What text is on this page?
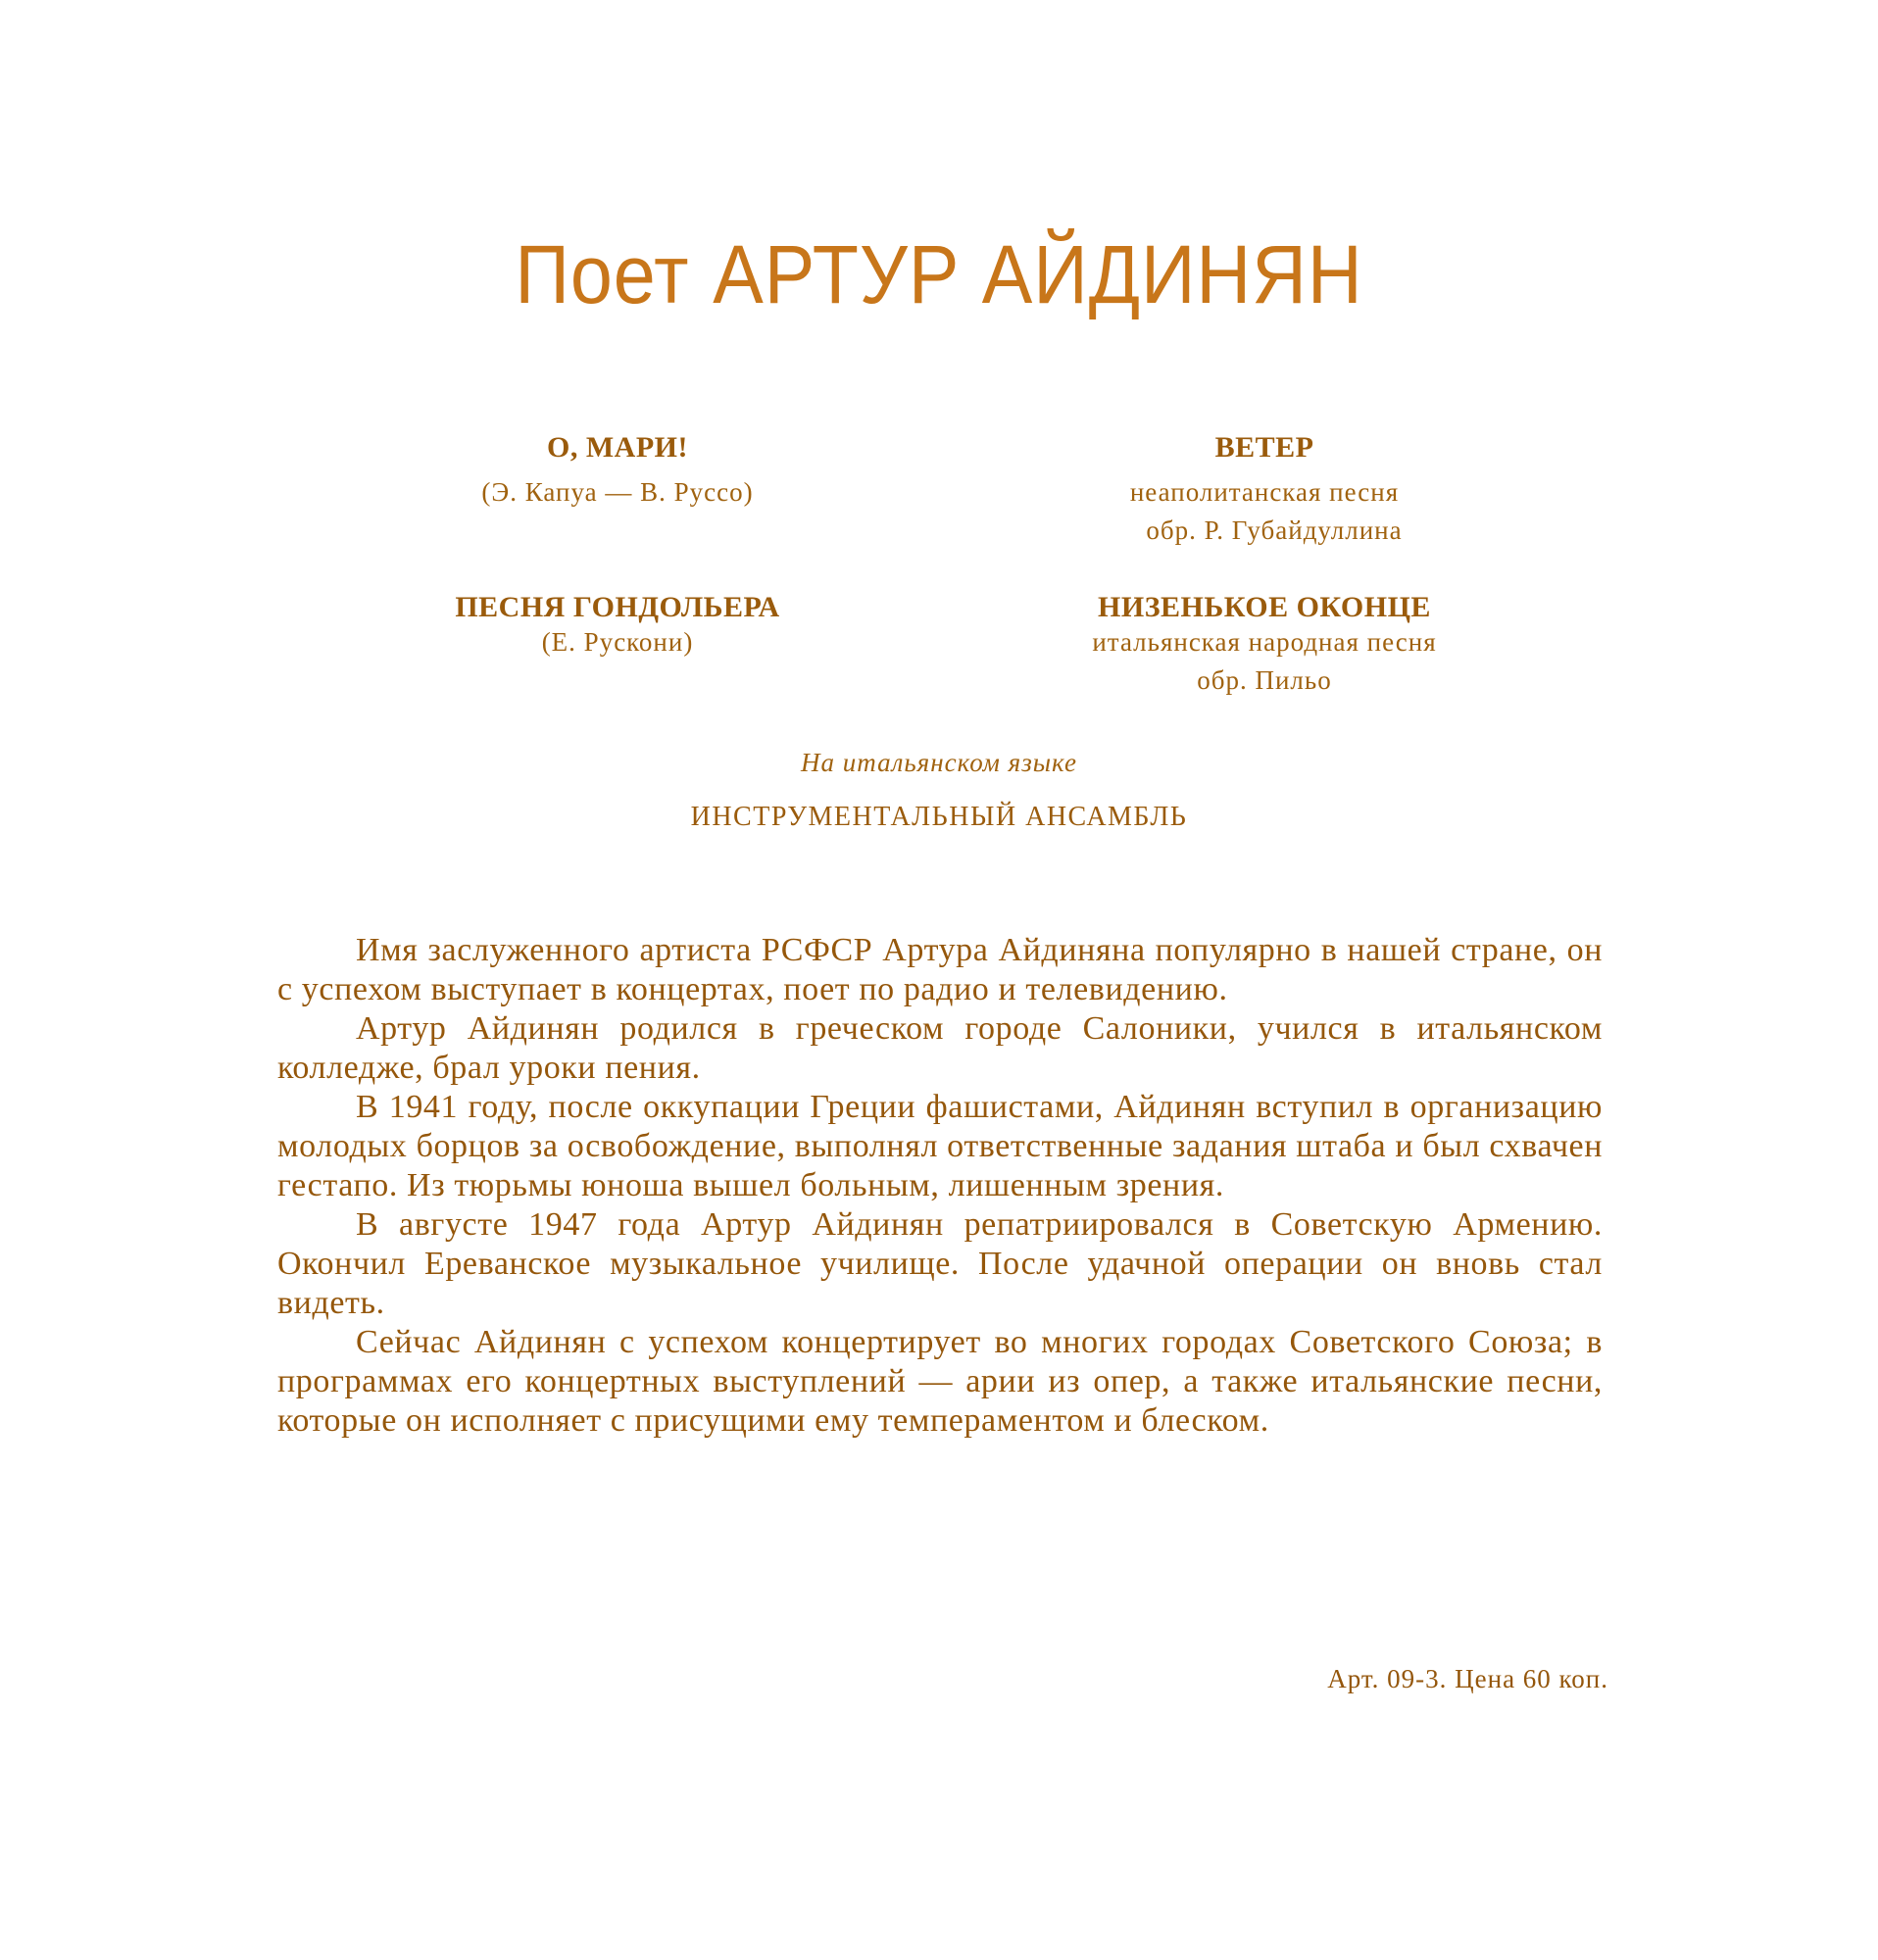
Поет АРТУР АЙДИНЯН
О, МАРИ!
(Э. Капуа — В. Руссо)
ВЕТЕР
неаполитанская песня
обр. Р. Губайдуллина
ПЕСНЯ ГОНДОЛЬЕРА
(Е. Рускони)
НИЗЕНЬКОЕ ОКОНЦЕ
итальянская народная песня
обр. Пильо
На итальянском языке
ИНСТРУМЕНТАЛЬНЫЙ АНСАМБЛЬ

Имя заслуженного артиста РСФСР Артура Айдиняна популярно в нашей стране, он с успехом выступает в концертах, поет по радио и телевидению.

Артур Айдинян родился в греческом городе Салоники, учился в итальянском колледже, брал уроки пения.

В 1941 году, после оккупации Греции фашистами, Айдинян вступил в организацию молодых борцов за освобождение, выполнял ответственные задания штаба и был схвачен гестапо. Из тюрьмы юноша вышел больным, лишенным зрения.

В августе 1947 года Артур Айдинян репатриировался в Советскую Армению. Окончил Ереванское музыкальное училище. После удачной операции он вновь стал видеть.

Сейчас Айдинян с успехом концертирует во многих городах Советского Союза; в программах его концертных выступлений — арии из опер, а также итальянские песни, которые он исполняет с присущими ему темпераментом и блеском.

Арт. 09-3. Цена 60 коп.
